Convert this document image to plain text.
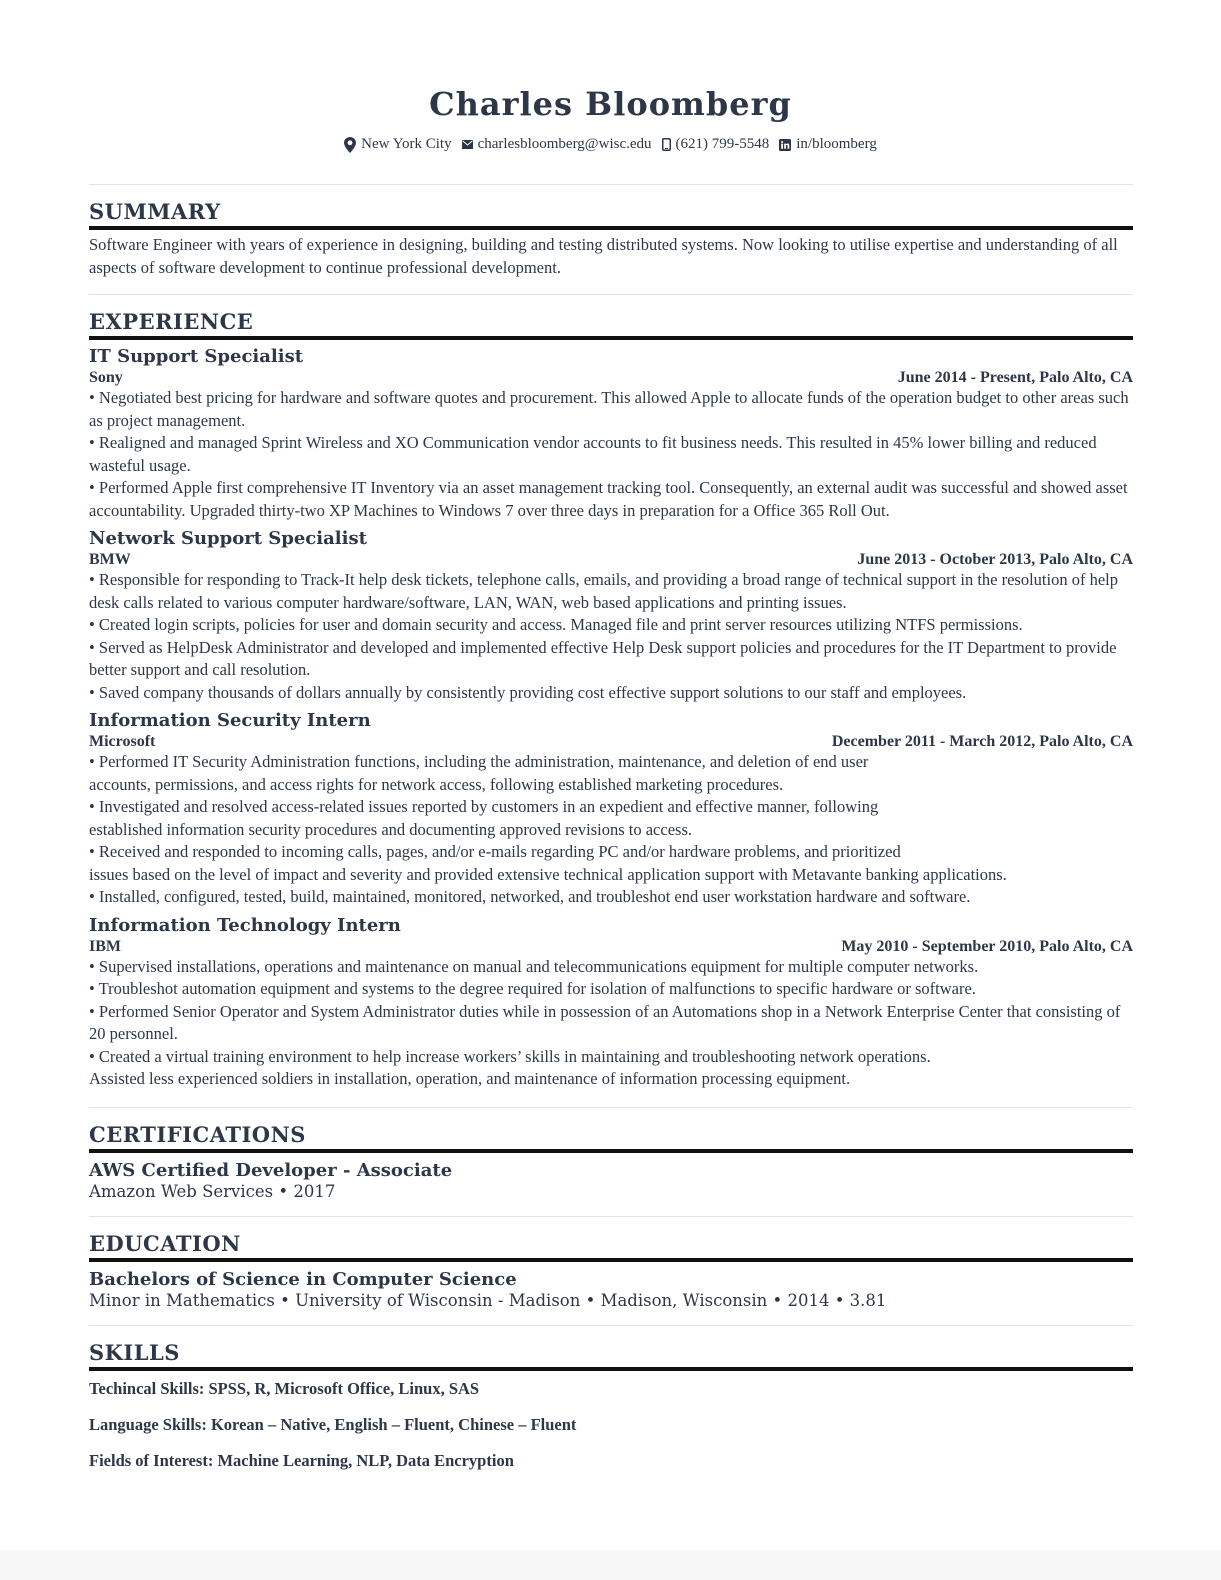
Charles Bloomberg
New York City charlesbloomberg@wisc.edu (621) 799-5548 in/bloomberg
SUMMARY
Software Engineer with years of experience in designing, building and testing distributed systems. Now looking to utilise expertise and understanding of all aspects of software development to continue professional development.
EXPERIENCE
IT Support Specialist
Sony	June 2014 - Present, Palo Alto, CA

• Negotiated best pricing for hardware and software quotes and procurement. This allowed Apple to allocate funds of the operation budget to other areas such as project management.

• Realigned and managed Sprint Wireless and XO Communication vendor accounts to fit business needs. This resulted in 45% lower billing and reduced wasteful usage.

• Performed Apple first comprehensive IT Inventory via an asset management tracking tool. Consequently, an external audit was successful and showed asset accountability. Upgraded thirty-two XP Machines to Windows 7 over three days in preparation for a Office 365 Roll Out.

Network Support Specialist
BMW	June 2013 - October 2013, Palo Alto, CA

• Responsible for responding to Track-It help desk tickets, telephone calls, emails, and providing a broad range of technical support in the resolution of help desk calls related to various computer hardware/software, LAN, WAN, web based applications and printing issues.

• Created login scripts, policies for user and domain security and access. Managed file and print server resources utilizing NTFS permissions.

• Served as HelpDesk Administrator and developed and implemented effective Help Desk support policies and procedures for the IT Department to provide better support and call resolution.

• Saved company thousands of dollars annually by consistently providing cost effective support solutions to our staff and employees.

Information Security Intern
Microsoft	December 2011 - March 2012, Palo Alto, CA

• Performed IT Security Administration functions, including the administration, maintenance, and deletion of end user

accounts, permissions, and access rights for network access, following established marketing procedures.

• Investigated and resolved access-related issues reported by customers in an expedient and effective manner, following

established information security procedures and documenting approved revisions to access.

• Received and responded to incoming calls, pages, and/or e-mails regarding PC and/or hardware problems, and prioritized

issues based on the level of impact and severity and provided extensive technical application support with Metavante banking applications.

• Installed, configured, tested, build, maintained, monitored, networked, and troubleshot end user workstation hardware and software.

Information Technology Intern
IBM	May 2010 - September 2010, Palo Alto, CA

• Supervised installations, operations and maintenance on manual and telecommunications equipment for multiple computer networks.

• Troubleshot automation equipment and systems to the degree required for isolation of malfunctions to specific hardware or software.

• Performed Senior Operator and System Administrator duties while in possession of an Automations shop in a Network Enterprise Center that consisting of 20 personnel.

• Created a virtual training environment to help increase workers’ skills in maintaining and troubleshooting network operations.

Assisted less experienced soldiers in installation, operation, and maintenance of information processing equipment.

CERTIFICATIONS
AWS Certified Developer - Associate
Amazon Web Services • 2017
EDUCATION
Bachelors of Science in Computer Science
Minor in Mathematics • University of Wisconsin - Madison • Madison, Wisconsin • 2014 • 3.81
SKILLS
Techincal Skills: SPSS, R, Microsoft Office, Linux, SAS
Language Skills: Korean – Native, English – Fluent, Chinese – Fluent
Fields of Interest: Machine Learning, NLP, Data Encryption
